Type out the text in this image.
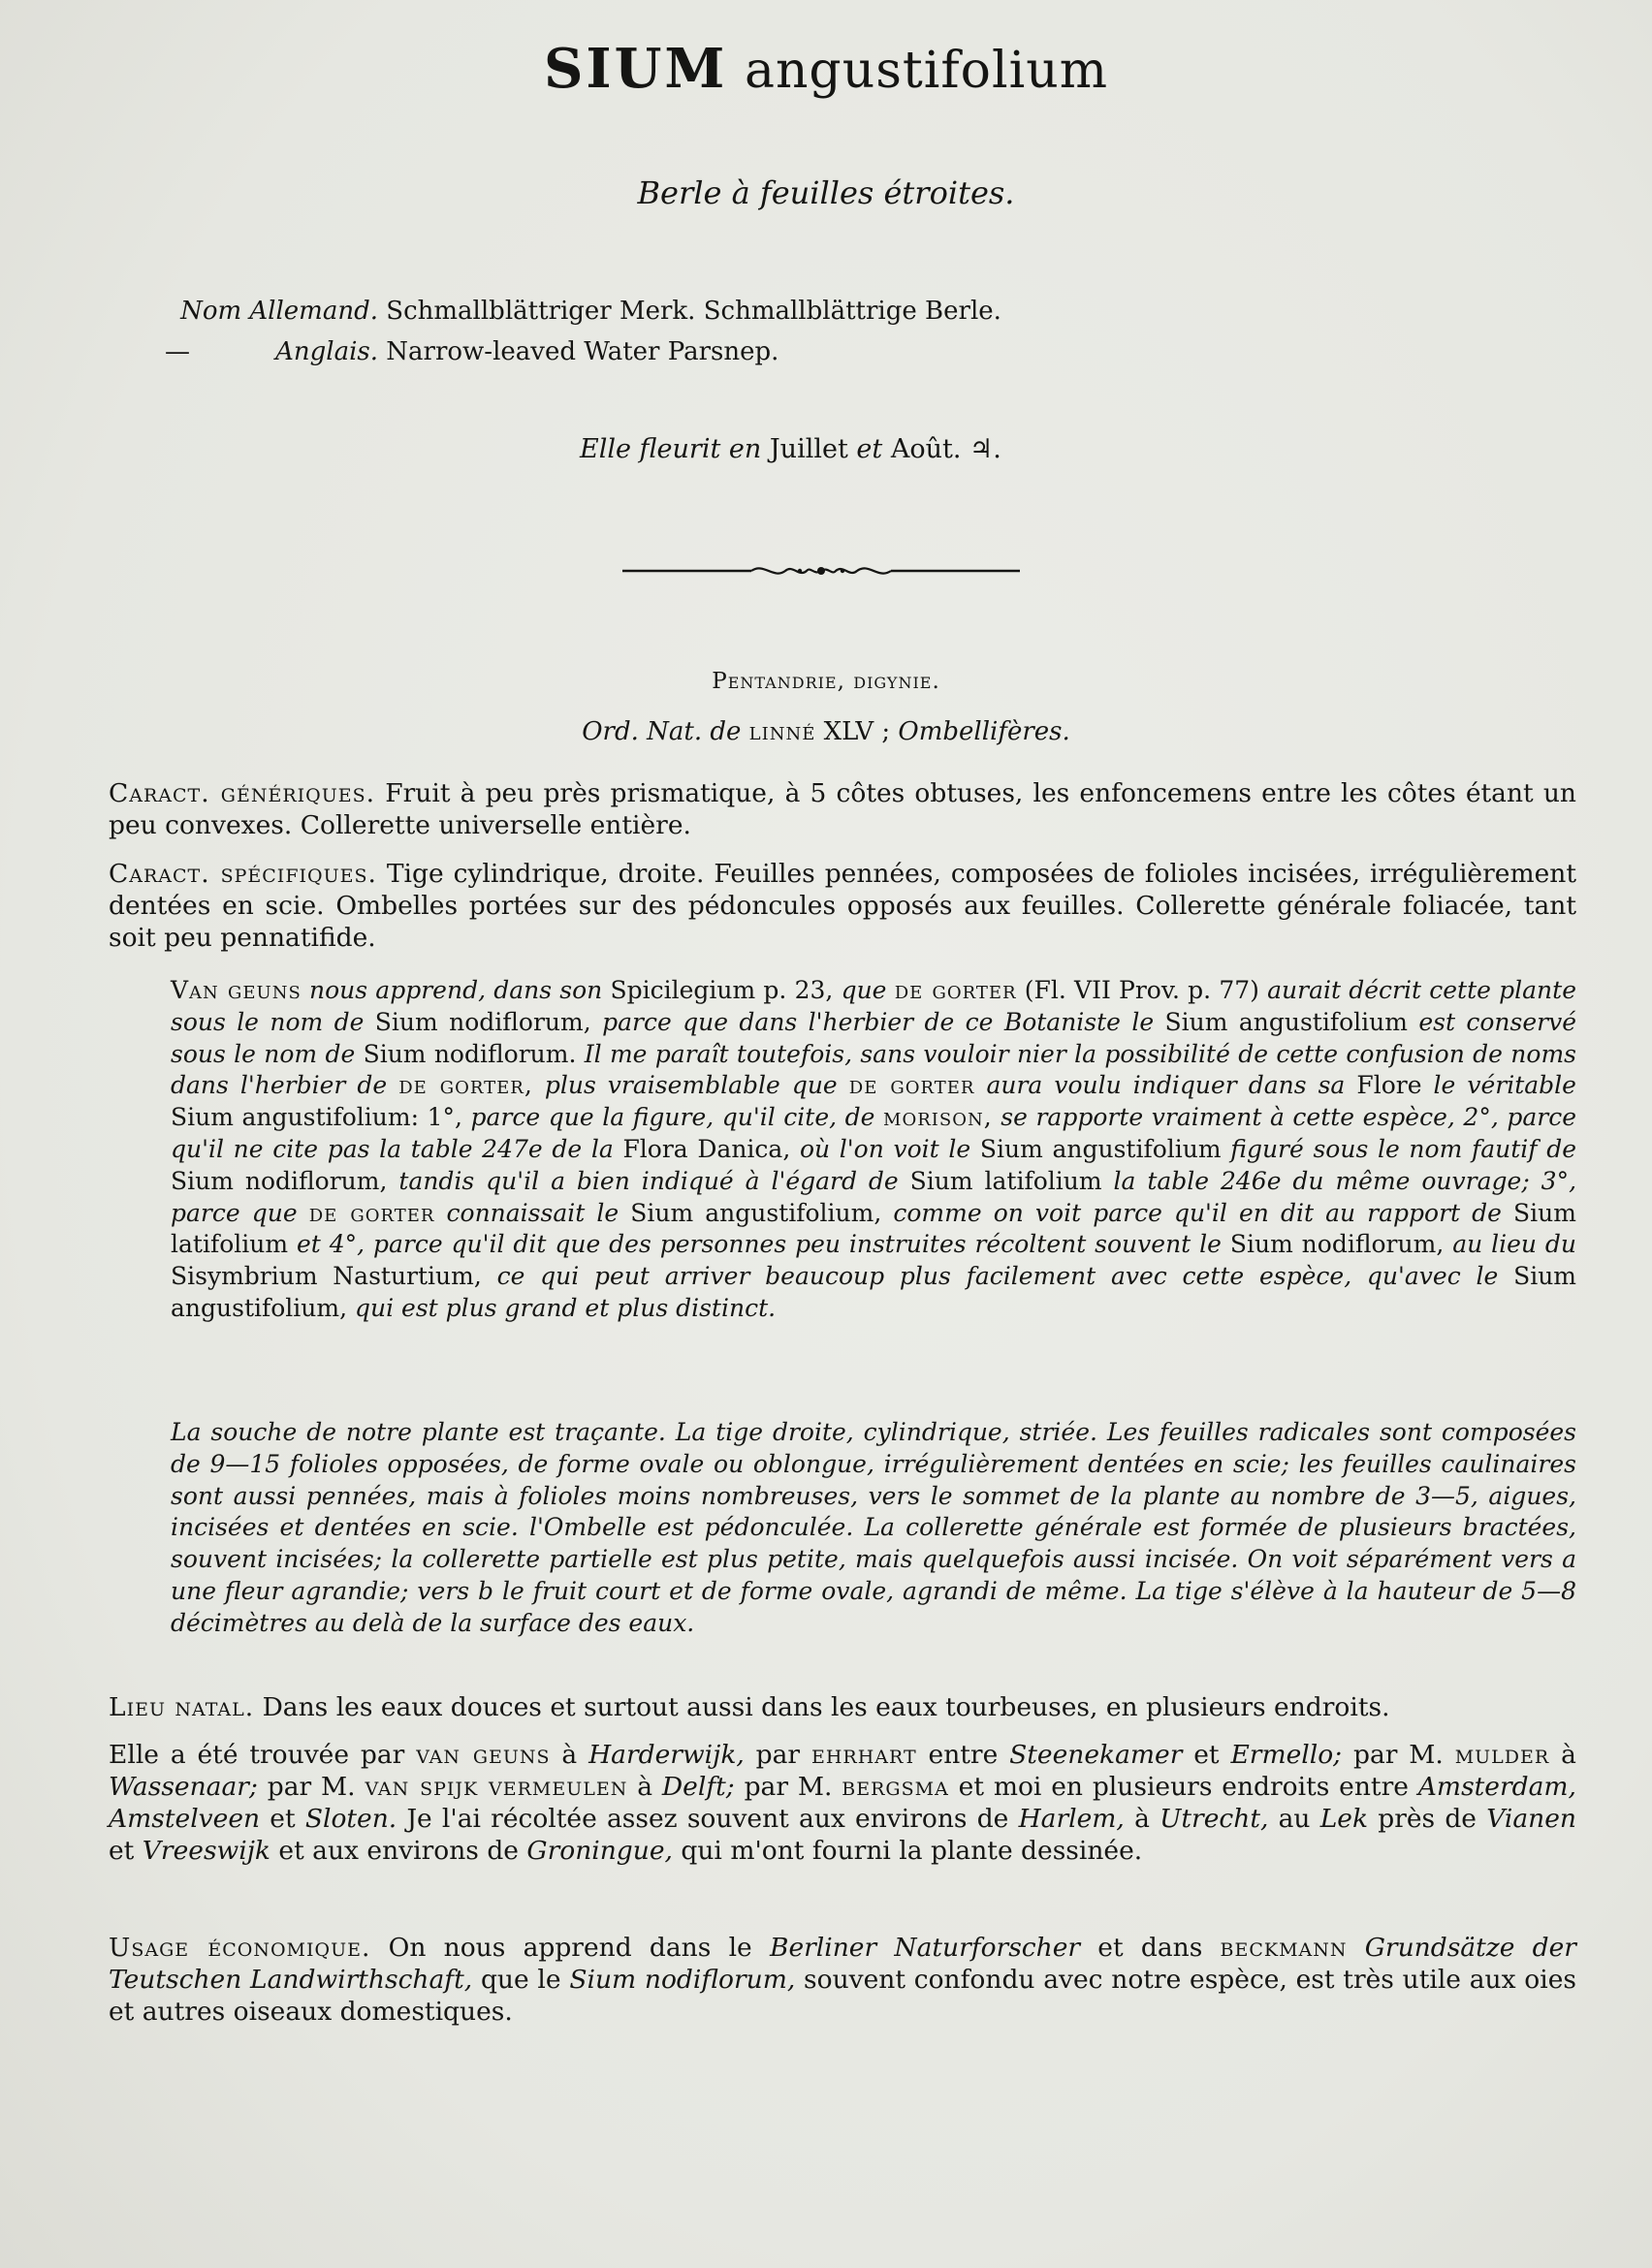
SIUM angustifolium
Berle à feuilles étroites.
Nom Allemand. Schmallblättriger Merk. Schmallblättrige Berle.
—	Anglais. Narrow-leaved Water Parsnep.
Elle fleurit en Juillet et Août. ♃.
Pentandrie, digynie.
Ord. Nat. de linné XLV ; Ombellifères.
Caract. génériques. Fruit à peu près prismatique, à 5 côtes obtuses, les enfoncemens entre les côtes étant un peu convexes. Collerette universelle entière.
Caract. spécifiques. Tige cylindrique, droite. Feuilles pennées, composées de folioles incisées, irrégulièrement dentées en scie. Ombelles portées sur des pédoncules opposés aux feuilles. Collerette générale foliacée, tant soit peu pennatifide.
Van geuns nous apprend, dans son Spicilegium p. 23, que de gorter (Fl. VII Prov. p. 77) aurait décrit cette plante sous le nom de Sium nodiflorum, parce que dans l'herbier de ce Botaniste le Sium angustifolium est conservé sous le nom de Sium nodiflorum. Il me paraît toutefois, sans vouloir nier la possibilité de cette confusion de noms dans l'herbier de de gorter, plus vraisemblable que de gorter aura voulu indiquer dans sa Flore le véritable Sium angustifolium: 1°, parce que la figure, qu'il cite, de morison, se rapporte vraiment à cette espèce, 2°, parce qu'il ne cite pas la table 247e de la Flora Danica, où l'on voit le Sium angustifolium figuré sous le nom fautif de Sium nodiflorum, tandis qu'il a bien indiqué à l'égard de Sium latifolium la table 246e du même ouvrage; 3°, parce que de gorter connaissait le Sium angustifolium, comme on voit parce qu'il en dit au rapport de Sium latifolium et 4°, parce qu'il dit que des personnes peu instruites récoltent souvent le Sium nodiflorum, au lieu du Sisymbrium Nasturtium, ce qui peut arriver beaucoup plus facilement avec cette espèce, qu'avec le Sium angustifolium, qui est plus grand et plus distinct.
La souche de notre plante est traçante. La tige droite, cylindrique, striée. Les feuilles radicales sont composées de 9—15 folioles opposées, de forme ovale ou oblongue, irrégulièrement dentées en scie; les feuilles caulinaires sont aussi pennées, mais à folioles moins nombreuses, vers le sommet de la plante au nombre de 3—5, aigues, incisées et dentées en scie. l'Ombelle est pédonculée. La collerette générale est formée de plusieurs bractées, souvent incisées; la collerette partielle est plus petite, mais quelquefois aussi incisée. On voit séparément vers a une fleur agrandie; vers b le fruit court et de forme ovale, agrandi de même. La tige s'élève à la hauteur de 5—8 décimètres au delà de la surface des eaux.
Lieu natal. Dans les eaux douces et surtout aussi dans les eaux tourbeuses, en plusieurs endroits.
Elle a été trouvée par van geuns à Harderwijk, par ehrhart entre Steenekamer et Ermello; par M. mulder à Wassenaar; par M. van spijk vermeulen à Delft; par M. bergsma et moi en plusieurs endroits entre Amsterdam, Amstelveen et Sloten. Je l'ai récoltée assez souvent aux environs de Harlem, à Utrecht, au Lek près de Vianen et Vreeswijk et aux environs de Groningue, qui m'ont fourni la plante dessinée.
Usage économique. On nous apprend dans le Berliner Naturforscher et dans beckmann Grundsätze der Teutschen Landwirthschaft, que le Sium nodiflorum, souvent confondu avec notre espèce, est très utile aux oies et autres oiseaux domestiques.
